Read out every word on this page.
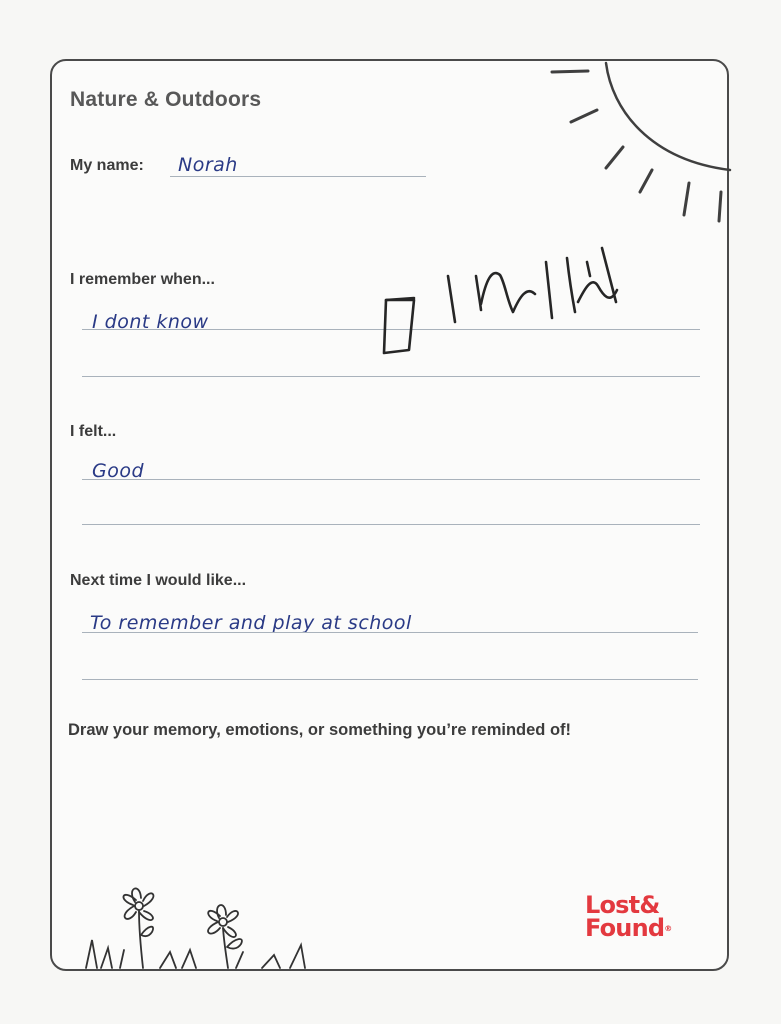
Nature & Outdoors

My name: Norah

I remember when...

I dont know

I felt...

Good

Next time I would like...

To remember and play at school

Draw your memory, emotions, or something you’re reminded of!

Lost&
Found®
